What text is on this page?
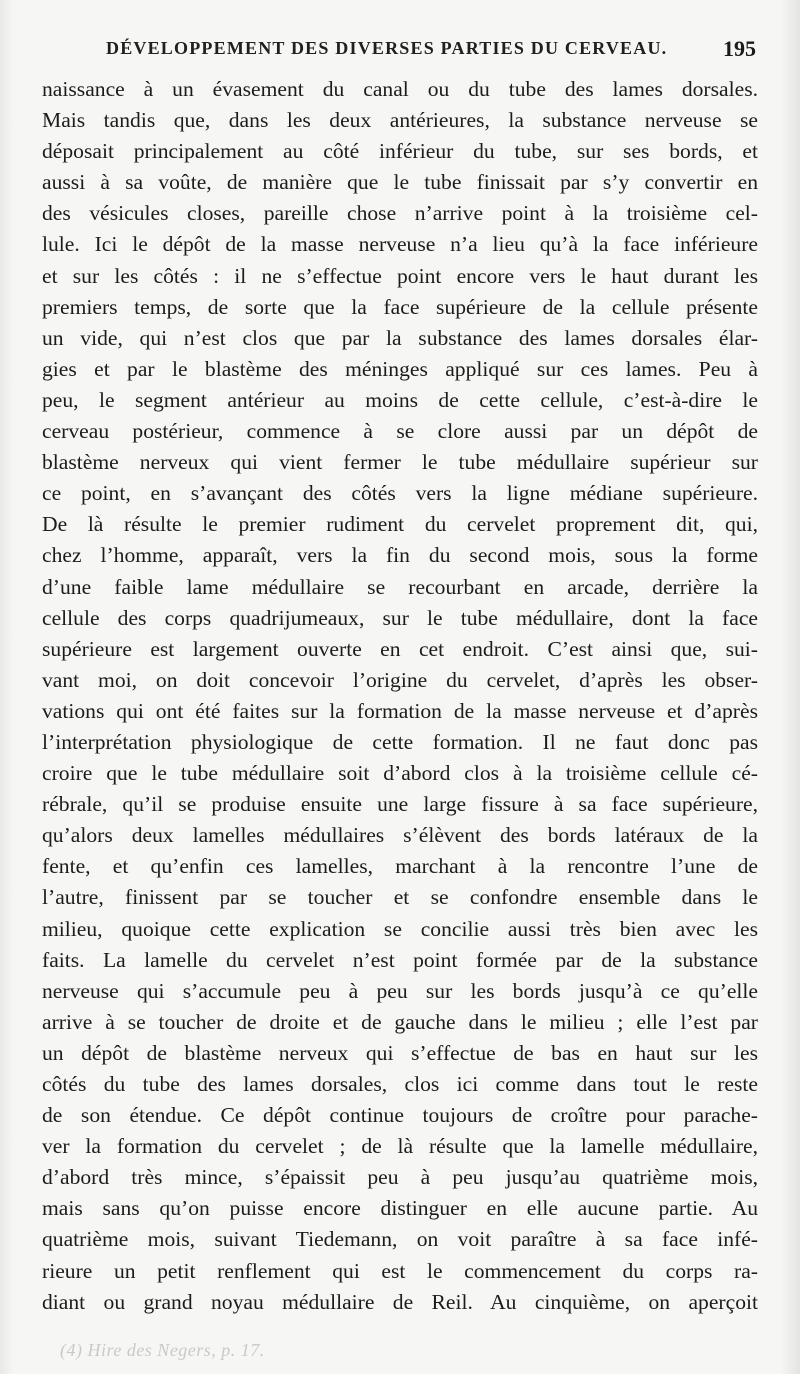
DÉVELOPPEMENT DES DIVERSES PARTIES DU CERVEAU.	195
naissance à un évasement du canal ou du tube des lames dorsales.
Mais tandis que, dans les deux antérieures, la substance nerveuse se
déposait principalement au côté inférieur du tube, sur ses bords, et
aussi à sa voûte, de manière que le tube finissait par s’y convertir en
des vésicules closes, pareille chose n’arrive point à la troisième cel-
lule. Ici le dépôt de la masse nerveuse n’a lieu qu’à la face inférieure
et sur les côtés : il ne s’effectue point encore vers le haut durant les
premiers temps, de sorte que la face supérieure de la cellule présente
un vide, qui n’est clos que par la substance des lames dorsales élar-
gies et par le blastème des méninges appliqué sur ces lames. Peu à
peu, le segment antérieur au moins de cette cellule, c’est-à-dire le
cerveau postérieur, commence à se clore aussi par un dépôt de
blastème nerveux qui vient fermer le tube médullaire supérieur sur
ce point, en s’avançant des côtés vers la ligne médiane supérieure.
De là résulte le premier rudiment du cervelet proprement dit, qui,
chez l’homme, apparaît, vers la fin du second mois, sous la forme
d’une faible lame médullaire se recourbant en arcade, derrière la
cellule des corps quadrijumeaux, sur le tube médullaire, dont la face
supérieure est largement ouverte en cet endroit. C’est ainsi que, sui-
vant moi, on doit concevoir l’origine du cervelet, d’après les obser-
vations qui ont été faites sur la formation de la masse nerveuse et d’après
l’interprétation physiologique de cette formation. Il ne faut donc pas
croire que le tube médullaire soit d’abord clos à la troisième cellule cé-
rébrale, qu’il se produise ensuite une large fissure à sa face supérieure,
qu’alors deux lamelles médullaires s’élèvent des bords latéraux de la
fente, et qu’enfin ces lamelles, marchant à la rencontre l’une de
l’autre, finissent par se toucher et se confondre ensemble dans le
milieu, quoique cette explication se concilie aussi très bien avec les
faits. La lamelle du cervelet n’est point formée par de la substance
nerveuse qui s’accumule peu à peu sur les bords jusqu’à ce qu’elle
arrive à se toucher de droite et de gauche dans le milieu ; elle l’est par
un dépôt de blastème nerveux qui s’effectue de bas en haut sur les
côtés du tube des lames dorsales, clos ici comme dans tout le reste
de son étendue. Ce dépôt continue toujours de croître pour parache-
ver la formation du cervelet ; de là résulte que la lamelle médullaire,
d’abord très mince, s’épaissit peu à peu jusqu’au quatrième mois,
mais sans qu’on puisse encore distinguer en elle aucune partie. Au
quatrième mois, suivant Tiedemann, on voit paraître à sa face infé-
rieure un petit renflement qui est le commencement du corps ra-
diant ou grand noyau médullaire de Reil. Au cinquième, on aperçoit
(4) Hire des Negers, p. 17.
